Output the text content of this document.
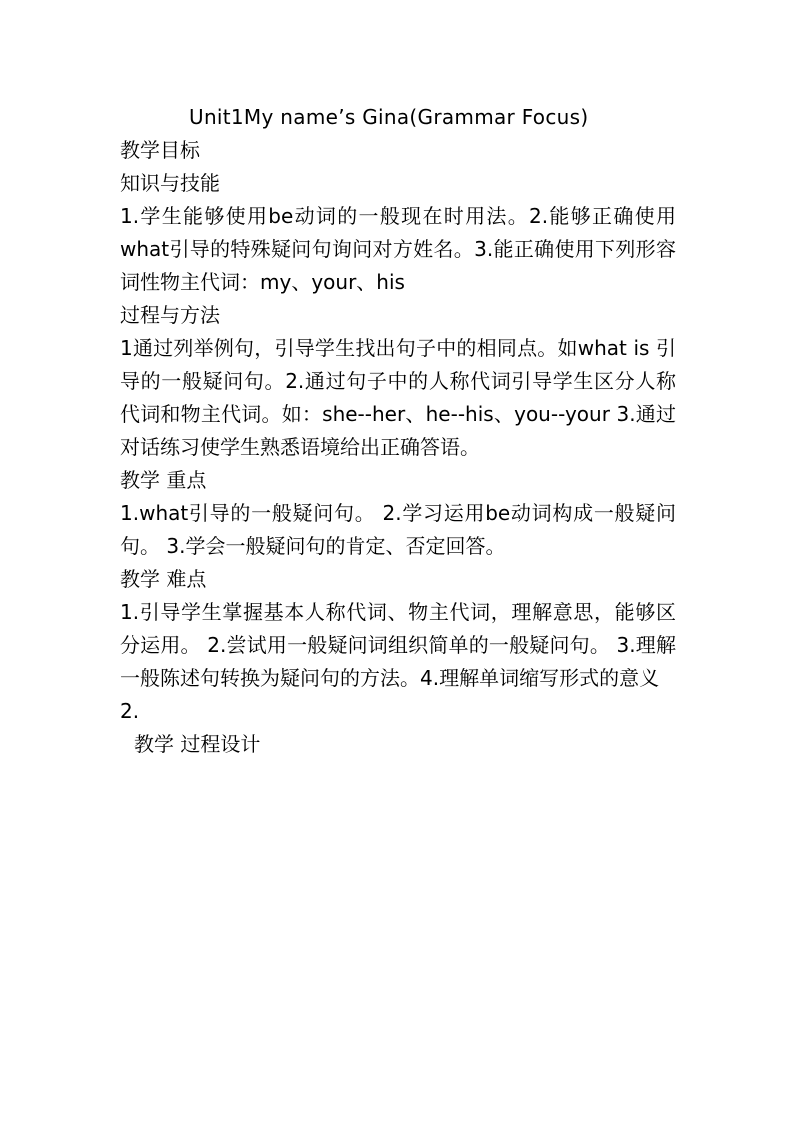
Unit1My name’s Gina(Grammar Focus)
教学目标
知识与技能
1.学生能够使用be动词的一般现在时用法。2.能够正确使用what引导的特殊疑问句询问对方姓名。3.能正确使用下列形容词性物主代词：my、your、his
过程与方法
1通过列举例句，引导学生找出句子中的相同点。如what is 引导的一般疑问句。2.通过句子中的人称代词引导学生区分人称代词和物主代词。如：she--her、he--his、you--your 3.通过对话练习使学生熟悉语境给出正确答语。
教学 重点
1.what引导的一般疑问句。 2.学习运用be动词构成一般疑问句。 3.学会一般疑问句的肯定、否定回答。
教学 难点
1.引导学生掌握基本人称代词、物主代词，理解意思，能够区分运用。 2.尝试用一般疑问词组织简单的一般疑问句。 3.理解一般陈述句转换为疑问句的方法。4.理解单词缩写形式的意义
2.
教学 过程设计
